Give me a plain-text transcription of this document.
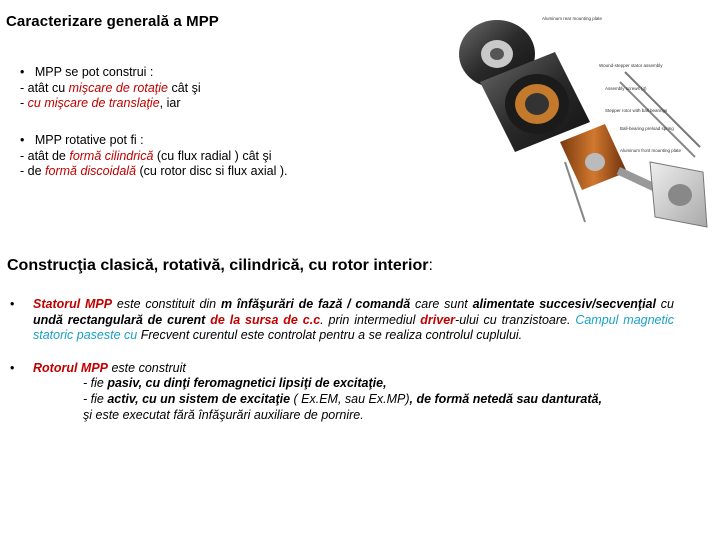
Caracterizare generală a MPP

• MPP se pot construi :

- atât cu mişcare de rotaţie cât şi

- cu mişcare de translaţie, iar

• MPP rotative pot fi :

- atât de formă cilindrică (cu flux radial ) cât şi

- de formă discoidală (cu rotor disc si flux axial ).

Aluminum rear mounting plate
Wound-stepper stator assembly
Assembly screws (4)
Stepper rotor with ball bearings
Ball-bearing preload spring
Aluminum front mounting plate
Construcţia clasică, rotativă, cilindrică, cu rotor interior:
• Statorul MPP este constituit din m înfăşurări de fază / comandă care sunt alimentate succesiv/secvenţial cu undă rectangulară de curent de la sursa de c.c. prin intermediul driver-ului cu tranzistoare. Campul magnetic statoric paseste cu Frecvent curentul este controlat pentru a se realiza controlul cuplului.
• Rotorul MPP este construit
- fie pasiv, cu dinţi feromagnetici lipsiţi de excitaţie,
- fie activ, cu un sistem de excitaţie ( Ex.EM, sau Ex.MP), de formă netedă sau danturată,
şi este executat fără înfăşurări auxiliare de pornire.
